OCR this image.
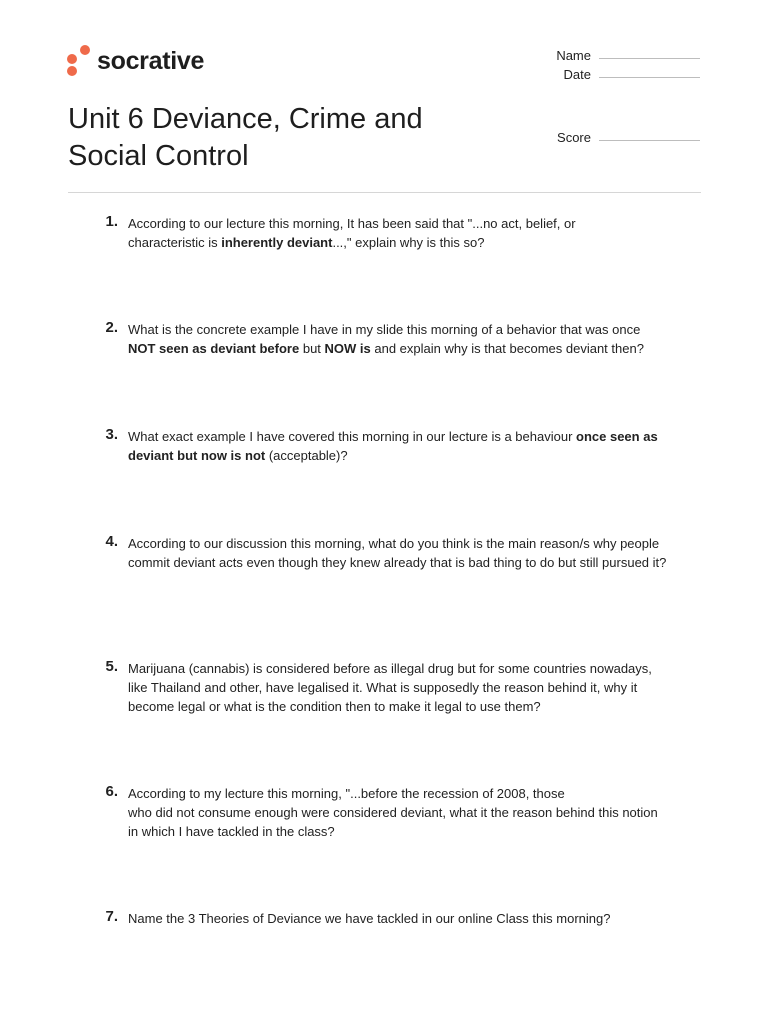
socrative
Unit 6 Deviance, Crime and
Social Control
Name
Date
Score
1. According to our lecture this morning, It has been said that "...no act, belief, or
characteristic is inherently deviant...," explain why is this so?
2. What is the concrete example I have in my slide this morning of a behavior that was once
NOT seen as deviant before but NOW is and explain why is that becomes deviant then?
3. What exact example I have covered this morning in our lecture is a behaviour once seen as deviant but now is not (acceptable)?
4. According to our discussion this morning, what do you think is the main reason/s why people commit deviant acts even though they knew already that is bad thing to do but still pursued it?
5. Marijuana (cannabis) is considered before as illegal drug but for some countries nowadays,
like Thailand and other, have legalised it. What is supposedly the reason behind it, why it
become legal or what is the condition then to make it legal to use them?
6. According to my lecture this morning, "...before the recession of 2008, those
who did not consume enough were considered deviant, what it the reason behind this notion
in which I have tackled in the class?
7. Name the 3 Theories of Deviance we have tackled in our online Class this morning?
